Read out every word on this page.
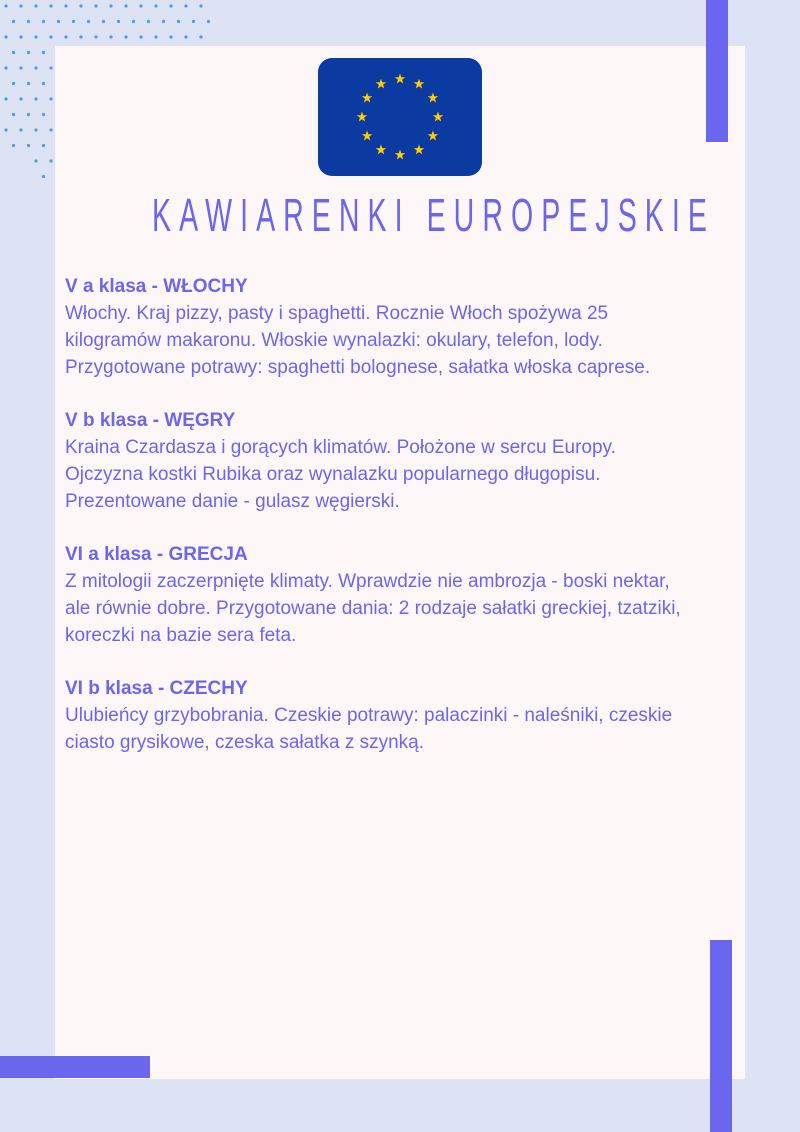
KAWIARENKI EUROPEJSKIE
V a klasa - WŁOCHY
Włochy. Kraj pizzy, pasty i spaghetti. Rocznie Włoch spożywa 25
kilogramów makaronu. Włoskie wynalazki: okulary, telefon, lody.
Przygotowane potrawy: spaghetti bolognese, sałatka włoska caprese.
V b klasa - WĘGRY
Kraina Czardasza i gorących klimatów. Położone w sercu Europy.
Ojczyzna kostki Rubika oraz wynalazku popularnego długopisu.
Prezentowane danie - gulasz węgierski.
VI a klasa - GRECJA
Z mitologii zaczerpnięte klimaty. Wprawdzie nie ambrozja - boski nektar,
ale równie dobre. Przygotowane dania: 2 rodzaje sałatki greckiej, tzatziki,
koreczki na bazie sera feta.
VI b klasa - CZECHY
Ulubieńcy grzybobrania. Czeskie potrawy: palaczinki - naleśniki, czeskie
ciasto grysikowe, czeska sałatka z szynką.
